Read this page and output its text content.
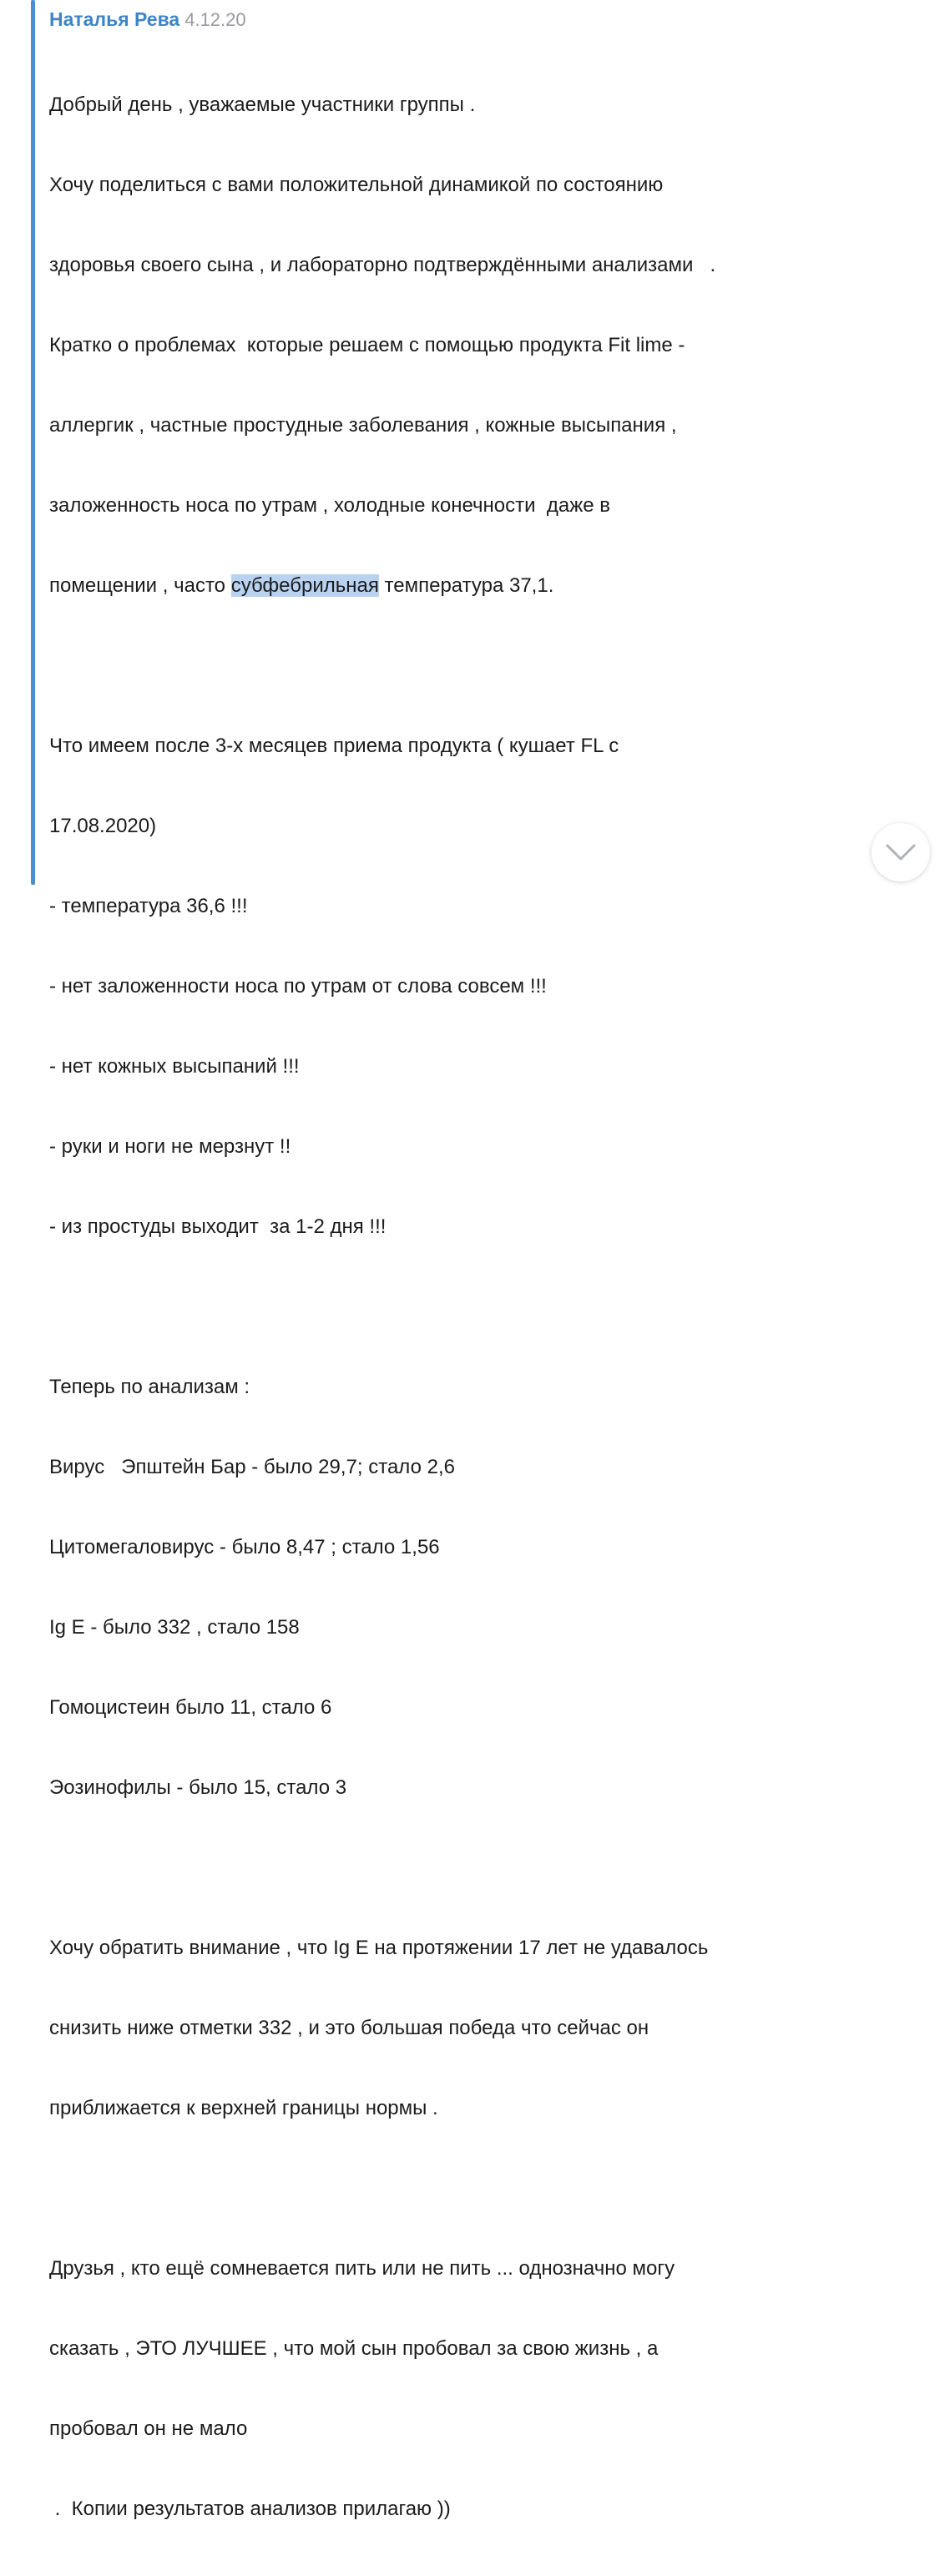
Наталья Рева 4.12.20

Добрый день , уважаемые участники группы .

Хочу поделиться с вами положительной динамикой по состоянию

здоровья своего сына , и лабораторно подтверждёнными анализами   .

Кратко о проблемах  которые решаем с помощью продукта Fit lime -

аллергик , частные простудные заболевания , кожные высыпания ,

заложенность носа по утрам , холодные конечности  даже в

помещении , часто субфебрильная температура 37,1.

Что имеем после 3-х месяцев приема продукта ( кушает FL с

17.08.2020)

- температура 36,6 !!!

- нет заложенности носа по утрам от слова совсем !!!

- нет кожных высыпаний !!!

- руки и ноги не мерзнут !!

- из простуды выходит  за 1-2 дня !!!

Теперь по анализам :

Вирус   Эпштейн Бар - было 29,7; стало 2,6

Цитомегаловирус - было 8,47 ; стало 1,56

Ig E - было 332 , стало 158

Гомоцистеин было 11, стало 6

Эозинофилы - было 15, стало 3

Хочу обратить внимание , что Ig E на протяжении 17 лет не удавалось

снизить ниже отметки 332 , и это большая победа что сейчас он

приближается к верхней границы нормы .

Друзья , кто ещё сомневается пить или не пить ... однозначно могу

сказать , ЭТО ЛУЧШЕЕ , что мой сын пробовал за свою жизнь , а

пробовал он не мало

.  Копии результатов анализов прилагаю ))
